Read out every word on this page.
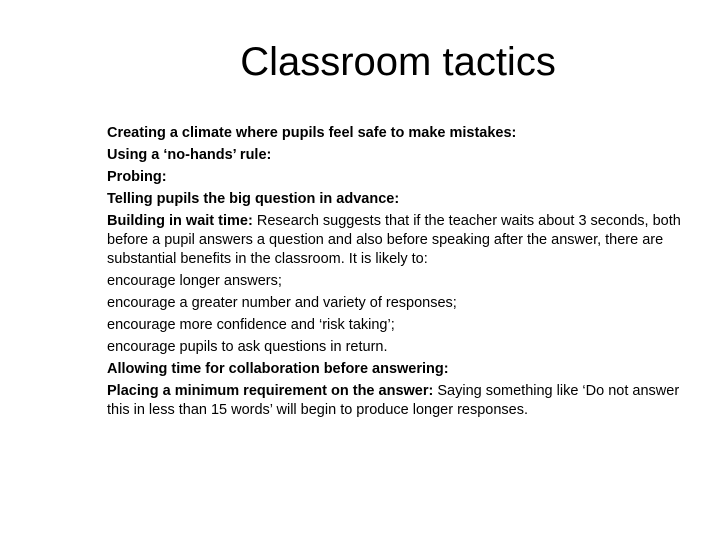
Classroom tactics

Creating a climate where pupils feel safe to make mistakes:

Using a ‘no-hands’ rule:

Probing:

Telling pupils the big question in advance:

Building in wait time: Research suggests that if the teacher waits about 3 seconds, both before a pupil answers a question and also before speaking after the answer, there are substantial benefits in the classroom. It is likely to:

encourage longer answers;

encourage a greater number and variety of responses;

encourage more confidence and ‘risk taking’;

encourage pupils to ask questions in return.

Allowing time for collaboration before answering:

Placing a minimum requirement on the answer: Saying something like ‘Do not answer this in less than 15 words’ will begin to produce longer responses.
